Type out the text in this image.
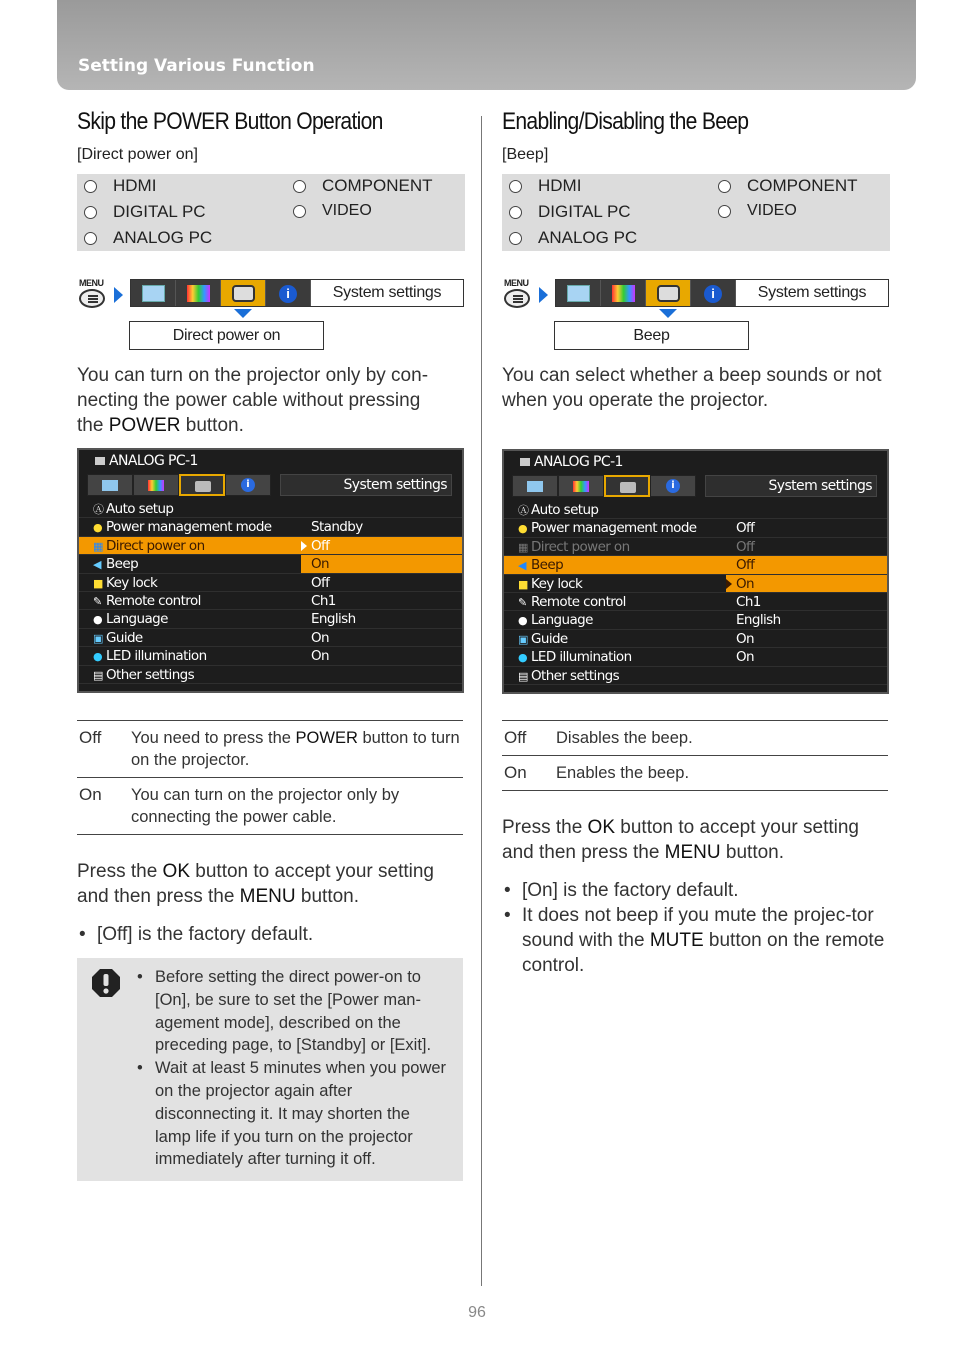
Setting Various Function
Skip the POWER Button Operation
[Direct power on]
HDMI	COMPONENT
DIGITAL PC	VIDEO
ANALOG PC
MENU
i	System settings
Direct power on

You can turn on the projector only by con-
necting the power cable without pressing
the POWER button.

ANALOG PC-1
i	System settings
Ⓐ Auto setup
● Power management mode	Standby
▦ Direct power on	Off
◀ Beep	On
■ Key lock	Off
✎ Remote control	Ch1
● Language	English
▣ Guide	On
● LED illumination	On
▤ Other settings
Off	You need to press the POWER button to turn on the projector.
On	You can turn on the projector only by connecting the power cable.

Press the OK button to accept your setting and then press the MENU button.

• [Off] is the factory default.
• Before setting the direct power-on to [On], be sure to set the [Power man-agement mode], described on the preceding page, to [Standby] or [Exit].
• Wait at least 5 minutes when you power on the projector again after disconnecting it. It may shorten the lamp life if you turn on the projector immediately after turning it off.
Enabling/Disabling the Beep
[Beep]
HDMI	COMPONENT
DIGITAL PC	VIDEO
ANALOG PC
MENU
i	System settings
Beep

You can select whether a beep sounds or not when you operate the projector.

ANALOG PC-1
i	System settings
Ⓐ Auto setup
● Power management mode	Off
▦ Direct power on	Off
◀ Beep	Off
■ Key lock	On
✎ Remote control	Ch1
● Language	English
▣ Guide	On
● LED illumination	On
▤ Other settings
Off	Disables the beep.
On	Enables the beep.

Press the OK button to accept your setting and then press the MENU button.

• [On] is the factory default.
• It does not beep if you mute the projec-tor sound with the MUTE button on the remote control.
96
